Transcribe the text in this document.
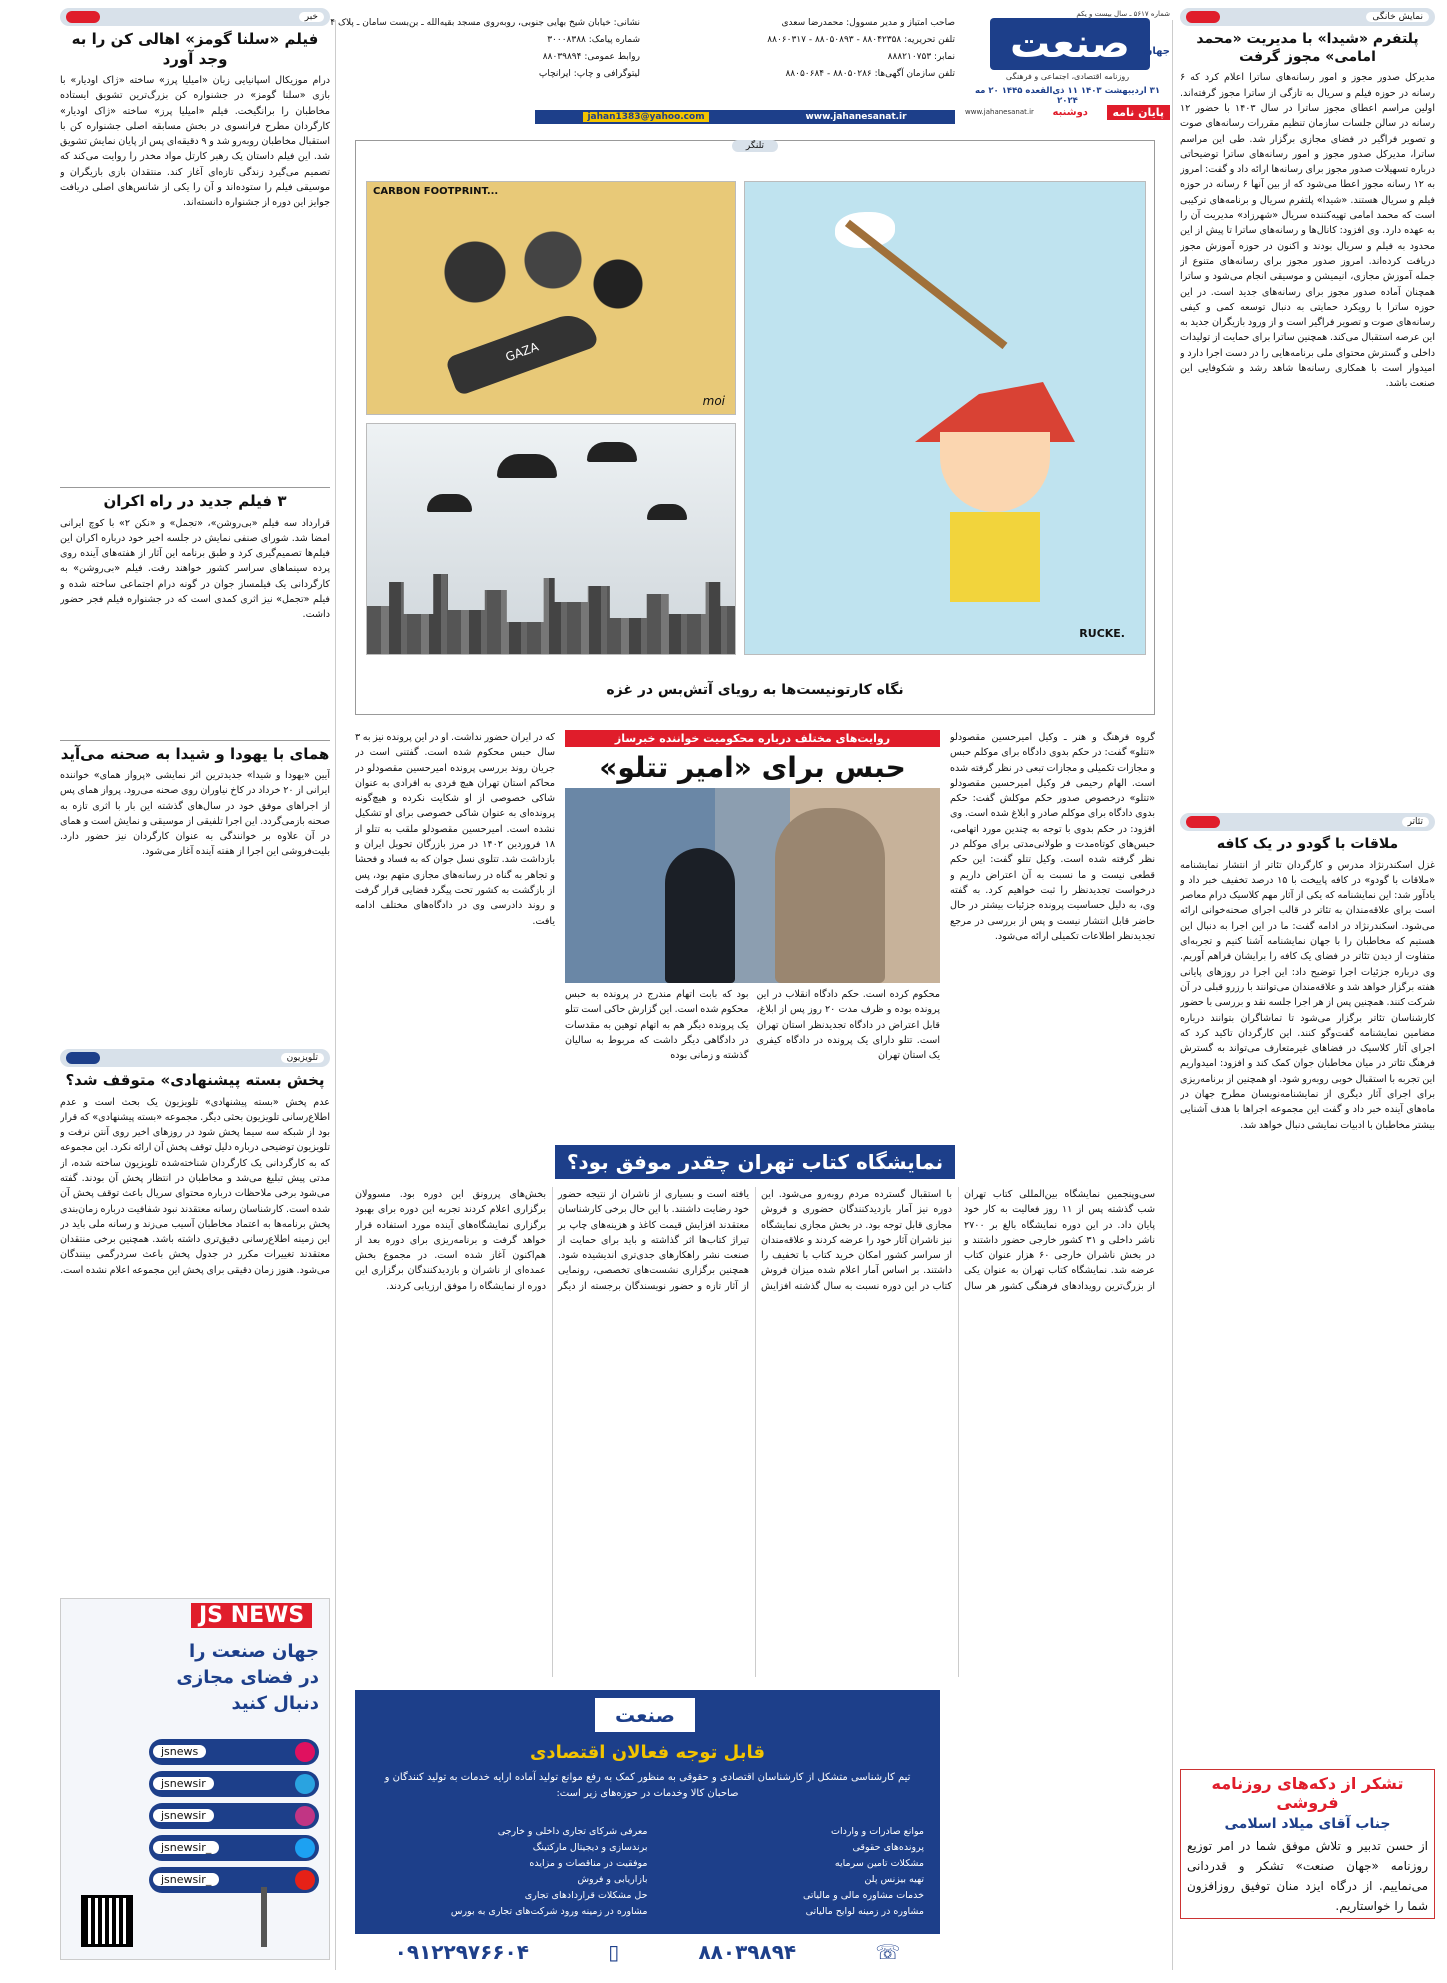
شماره ۵۶۱۷ ـ سال بیست و یکم
صنعت	جهان
روزنامه اقتصادی، اجتماعی و فرهنگی
۳۱ اردیبهشت ۱۴۰۳ ۱۱ ذی‌القعده ۱۴۴۵ ۲۰ مه ۲۰۲۴
پایان نامه
دوشنبه
www.jahanesanat.ir
صاحب امتیاز و مدیر مسوول: محمدرضا سعدی
تلفن تحریریه: ۸۸۰۴۲۳۵۸ - ۸۸۰۵۰۸۹۳ - ۸۸۰۶۰۳۱۷
نمابر: ۸۸۸۲۱۰۷۵۳
تلفن سازمان آگهی‌ها: ۸۸۰۵۰۲۸۶ - ۸۸۰۵۰۶۸۴
نشانی: خیابان شیخ بهایی جنوبی، روبه‌روی مسجد بقیه‌الله ـ بن‌بست سامان ـ پلاک ۴
شماره پیامک: ۳۰۰۰۸۳۸۸
روابط عمومی: ۸۸۰۳۹۸۹۴
لیتوگرافی و چاپ: ایرانچاپ
www.jahanesanat.ir
jahan1383@yahoo.com
نمایش خانگی
پلتفرم «شیدا» با مدیریت «محمد امامی» مجوز گرفت
مدیرکل صدور مجوز و امور رسانه‌های ساترا اعلام کرد که ۶ رسانه در حوزه فیلم و سریال به تازگی از ساترا مجوز گرفته‌اند. اولین مراسم اعطای مجوز ساترا در سال ۱۴۰۳ با حضور ۱۲ رسانه در سالن جلسات سازمان تنظیم مقررات رسانه‌های صوت و تصویر فراگیر در فضای مجازی برگزار شد. طی این مراسم ساترا، مدیرکل صدور مجوز و امور رسانه‌های ساترا توضیحاتی درباره تسهیلات صدور مجوز برای رسانه‌ها ارائه داد و گفت: امروز به ۱۲ رسانه مجوز اعطا می‌شود که از بین آنها ۶ رسانه در حوزه فیلم و سریال هستند. «شیدا» پلتفرم سریال و برنامه‌های ترکیبی است که محمد امامی تهیه‌کننده سریال «شهرزاد» مدیریت آن را به عهده دارد. وی افزود: کانال‌ها و رسانه‌های ساترا تا پیش از این محدود به فیلم و سریال بودند و اکنون در حوزه آموزش مجوز دریافت کرده‌اند. امروز صدور مجوز برای رسانه‌های متنوع از جمله آموزش مجازی، انیمیشن و موسیقی انجام می‌شود و ساترا همچنان آماده صدور مجوز برای رسانه‌های جدید است. در این حوزه ساترا با رویکرد حمایتی به دنبال توسعه کمی و کیفی رسانه‌های صوت و تصویر فراگیر است و از ورود بازیگران جدید به این عرصه استقبال می‌کند. همچنین ساترا برای حمایت از تولیدات داخلی و گسترش محتوای ملی برنامه‌هایی را در دست اجرا دارد و امیدوار است با همکاری رسانه‌ها شاهد رشد و شکوفایی این صنعت باشد.
تئاتر
ملاقات با گودو در یک کافه
غزل اسکندرنژاد مدرس و کارگردان تئاتر از انتشار نمایشنامه «ملاقات با گودو» در کافه پاییخت با ۱۵ درصد تخفیف خبر داد و یادآور شد: این نمایشنامه که یکی از آثار مهم کلاسیک درام معاصر است برای علاقه‌مندان به تئاتر در قالب اجرای صحنه‌خوانی ارائه می‌شود. اسکندرنژاد در ادامه گفت: ما در این اجرا به دنبال این هستیم که مخاطبان را با جهان نمایشنامه آشنا کنیم و تجربه‌ای متفاوت از دیدن تئاتر در فضای یک کافه را برایشان فراهم آوریم. وی درباره جزئیات اجرا توضیح داد: این اجرا در روزهای پایانی هفته برگزار خواهد شد و علاقه‌مندان می‌توانند با رزرو قبلی در آن شرکت کنند. همچنین پس از هر اجرا جلسه نقد و بررسی با حضور کارشناسان تئاتر برگزار می‌شود تا تماشاگران بتوانند درباره مضامین نمایشنامه گفت‌وگو کنند. این کارگردان تاکید کرد که اجرای آثار کلاسیک در فضاهای غیرمتعارف می‌تواند به گسترش فرهنگ تئاتر در میان مخاطبان جوان کمک کند و افزود: امیدواریم این تجربه با استقبال خوبی روبه‌رو شود. او همچنین از برنامه‌ریزی برای اجرای آثار دیگری از نمایشنامه‌نویسان مطرح جهان در ماه‌های آینده خبر داد و گفت این مجموعه اجراها با هدف آشنایی بیشتر مخاطبان با ادبیات نمایشی دنبال خواهد شد.
تشکر از دکه‌های روزنامه فروشی
جناب آقای میلاد اسلامی
از حسن تدبیر و تلاش موفق شما در امر توزیع روزنامه «جهان صنعت» تشکر و قدردانی می‌نماییم. از درگاه ایزد منان توفیق روزافزون شما را خواستاریم.
خبر
فیلم «سلنا گومز» اهالی کن را به وجد آورد
درام موزیکال اسپانیایی زبان «امیلیا پرز» ساخته «ژاک اودیار» با بازی «سلنا گومز» در جشنواره کن بزرگ‌ترین تشویق ایستاده مخاطبان را برانگیخت. فیلم «امیلیا پرز» ساخته «ژاک اودیار» کارگردان مطرح فرانسوی در بخش مسابقه اصلی جشنواره کن با استقبال مخاطبان روبه‌رو شد و ۹ دقیقه‌ای پس از پایان نمایش تشویق شد. این فیلم داستان یک رهبر کارتل مواد مخدر را روایت می‌کند که تصمیم می‌گیرد زندگی تازه‌ای آغاز کند. منتقدان بازی بازیگران و موسیقی فیلم را ستوده‌اند و آن را یکی از شانس‌های اصلی دریافت جوایز این دوره از جشنواره دانسته‌اند.
۳ فیلم جدید در راه اکران
قرارداد سه فیلم «بی‌روشن»، «تجمل» و «نکن ۲» با کوچ ایرانی امضا شد. شورای صنفی نمایش در جلسه اخیر خود درباره اکران این فیلم‌ها تصمیم‌گیری کرد و طبق برنامه این آثار از هفته‌های آینده روی پرده سینماهای سراسر کشور خواهند رفت. فیلم «بی‌روشن» به کارگردانی یک فیلمساز جوان در گونه درام اجتماعی ساخته شده و فیلم «تجمل» نیز اثری کمدی است که در جشنواره فیلم فجر حضور داشت.
همای با یهودا و شیدا به صحنه می‌آید
آیین «یهودا و شیدا» جدیدترین اثر نمایشی «پرواز همای» خواننده ایرانی از ۲۰ خرداد در کاخ نیاوران روی صحنه می‌رود. پرواز همای پس از اجراهای موفق خود در سال‌های گذشته این بار با اثری تازه به صحنه بازمی‌گردد. این اجرا تلفیقی از موسیقی و نمایش است و همای در آن علاوه بر خوانندگی به عنوان کارگردان نیز حضور دارد. بلیت‌فروشی این اجرا از هفته آینده آغاز می‌شود.
تلویزیون
پخش بسته پیشنهادی» متوقف شد؟
عدم پخش «بسته پیشنهادی» تلویزیون یک بحث است و عدم اطلاع‌رسانی تلویزیون بحثی دیگر. مجموعه «بسته پیشنهادی» که قرار بود از شبکه سه سیما پخش شود در روزهای اخیر روی آنتن نرفت و تلویزیون توضیحی درباره دلیل توقف پخش آن ارائه نکرد. این مجموعه که به کارگردانی یک کارگردان شناخته‌شده تلویزیون ساخته شده، از مدتی پیش تبلیغ می‌شد و مخاطبان در انتظار پخش آن بودند. گفته می‌شود برخی ملاحظات درباره محتوای سریال باعث توقف پخش آن شده است. کارشناسان رسانه معتقدند نبود شفافیت درباره زمان‌بندی پخش برنامه‌ها به اعتماد مخاطبان آسیب می‌زند و رسانه ملی باید در این زمینه اطلاع‌رسانی دقیق‌تری داشته باشد. همچنین برخی منتقدان معتقدند تغییرات مکرر در جدول پخش باعث سردرگمی بینندگان می‌شود. هنوز زمان دقیقی برای پخش این مجموعه اعلام نشده است.
JS NEWS
جهان صنعت را
در فضای مجازی
دنبال کنید
jsnews
jsnewsir
jsnewsir
jsnewsir_
jsnewsir_
تلنگر
CARBON FOOTPRINT...
GAZA
moi
RUCKE.
نگاه کارتونیست‌ها به رویای آتش‌بس در غزه
گروه فرهنگ و هنر ـ وکیل امیرحسین مقصودلو «تتلو» گفت: در حکم بدوی دادگاه برای موکلم حبس و مجازات تکمیلی و مجازات تبعی در نظر گرفته شده است. الهام رحیمی فر وکیل امیرحسین مقصودلو «تتلو» درخصوص صدور حکم موکلش گفت: حکم بدوی دادگاه برای موکلم صادر و ابلاغ شده است. وی افزود: در حکم بدوی با توجه به چندین مورد اتهامی، حبس‌های کوتاه‌مدت و طولانی‌مدتی برای موکلم در نظر گرفته شده است. وکیل تتلو گفت: این حکم قطعی نیست و ما نسبت به آن اعتراض داریم و درخواست تجدیدنظر را ثبت خواهیم کرد. به گفته وی، به دلیل حساسیت پرونده جزئیات بیشتر در حال حاضر قابل انتشار نیست و پس از بررسی در مرجع تجدیدنظر اطلاعات تکمیلی ارائه می‌شود.
روایت‌های مختلف درباره محکومیت خواننده خبرساز
حبس برای «امیر تتلو»
محکوم کرده است. حکم دادگاه انقلاب در این پرونده بوده و ظرف مدت ۲۰ روز پس از ابلاغ، قابل اعتراض در دادگاه تجدیدنظر استان تهران است. تتلو دارای یک پرونده در دادگاه کیفری یک استان تهران
بود که بابت اتهام مندرج در پرونده به حبس محکوم شده است. این گزارش حاکی است تتلو یک پرونده دیگر هم به اتهام توهین به مقدسات در دادگاهی دیگر داشت که مربوط به سالیان گذشته و زمانی بوده
که در ایران حضور نداشت. او در این پرونده نیز به ۳ سال حبس محکوم شده است. گفتنی است در جریان روند بررسی پرونده امیرحسین مقصودلو در محاکم استان تهران هیچ فردی به افرادی به عنوان شاکی خصوصی از او شکایت نکرده و هیچ‌گونه پرونده‌ای به عنوان شاکی خصوصی برای او تشکیل نشده است. امیرحسین مقصودلو ملقب به تتلو از ۱۸ فروردین ۱۴۰۲ در مرز بازرگان تحویل ایران و بازداشت شد. تتلوی نسل جوان که به فساد و فحشا و تجاهر به گناه در رسانه‌های مجازی متهم بود، پس از بازگشت به کشور تحت پیگرد قضایی قرار گرفت و روند دادرسی وی در دادگاه‌های مختلف ادامه یافت.
نمایشگاه کتاب تهران چقدر موفق بود؟
سی‌وپنجمین نمایشگاه بین‌المللی کتاب تهران شب گذشته پس از ۱۱ روز فعالیت به کار خود پایان داد. در این دوره نمایشگاه بالغ بر ۲۷۰۰ ناشر داخلی و ۳۱ کشور خارجی حضور داشتند و در بخش ناشران خارجی ۶۰ هزار عنوان کتاب عرضه شد. نمایشگاه کتاب تهران به عنوان یکی از بزرگ‌ترین رویدادهای فرهنگی کشور هر سال با استقبال گسترده مردم روبه‌رو می‌شود. این دوره نیز آمار بازدیدکنندگان حضوری و فروش مجازی قابل توجه بود. در بخش مجازی نمایشگاه نیز ناشران آثار خود را عرضه کردند و علاقه‌مندان از سراسر کشور امکان خرید کتاب با تخفیف را داشتند. بر اساس آمار اعلام شده میزان فروش کتاب در این دوره نسبت به سال گذشته افزایش یافته است و بسیاری از ناشران از نتیجه حضور خود رضایت داشتند. با این حال برخی کارشناسان معتقدند افزایش قیمت کاغذ و هزینه‌های چاپ بر تیراژ کتاب‌ها اثر گذاشته و باید برای حمایت از صنعت نشر راهکارهای جدی‌تری اندیشیده شود. همچنین برگزاری نشست‌های تخصصی، رونمایی از آثار تازه و حضور نویسندگان برجسته از دیگر بخش‌های پررونق این دوره بود. مسوولان برگزاری اعلام کردند تجربه این دوره برای بهبود برگزاری نمایشگاه‌های آینده مورد استفاده قرار خواهد گرفت و برنامه‌ریزی برای دوره بعد از هم‌اکنون آغاز شده است. در مجموع بخش عمده‌ای از ناشران و بازدیدکنندگان برگزاری این دوره از نمایشگاه را موفق ارزیابی کردند.
صنعت
قابل توجه فعالان اقتصادی
تیم کارشناسی متشکل از کارشناسان اقتصادی و حقوقی به منظور کمک به رفع موانع تولید آماده ارایه خدمات به تولید کنندگان و صاحبان کالا وخدمات در حوزه‌های زیر است:
موانع صادرات و واردات
پرونده‌های حقوقی
مشکلات تامین سرمایه
تهیه بیزنس پلن
خدمات مشاوره مالی و مالیاتی
مشاوره در زمینه لوایح مالیاتی
معرفی شرکای تجاری داخلی و خارجی
برندسازی و دیجیتال مارکتینگ
موفقیت در مناقصات و مزایده
بازاریابی و فروش
حل مشکلات قراردادهای تجاری
مشاوره در زمینه ورود شرکت‌های تجاری به بورس
☏
۸۸۰۳۹۸۹۴
▯
۰۹۱۲۲۹۷۶۶۰۴
